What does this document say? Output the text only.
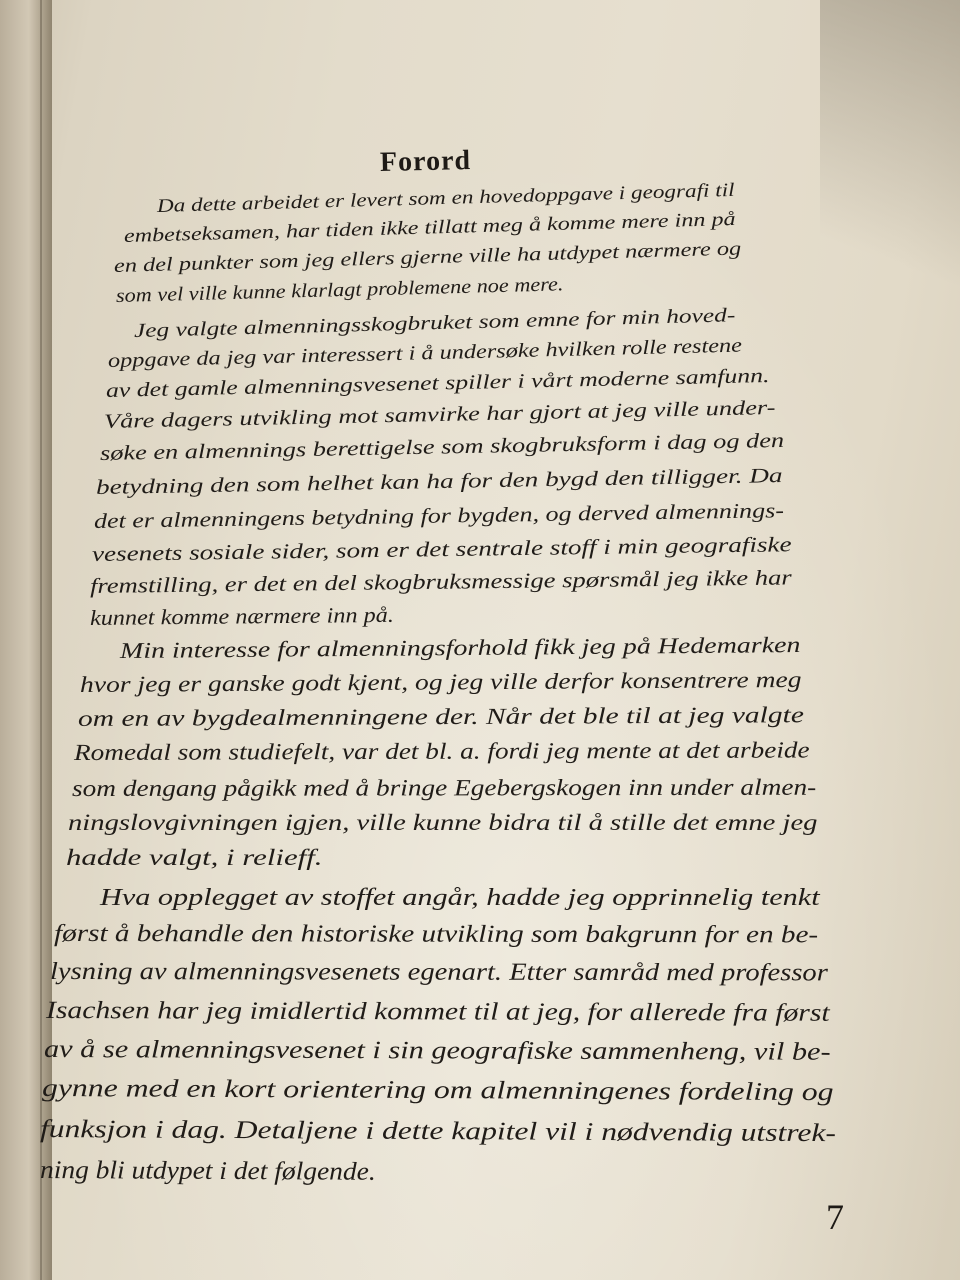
Forord
Da dette arbeidet er levert som en hovedoppgave i geografi til
embetseksamen, har tiden ikke tillatt meg å komme mere inn på
en del punkter som jeg ellers gjerne ville ha utdypet nærmere og
som vel ville kunne klarlagt problemene noe mere.
Jeg valgte almenningsskogbruket som emne for min hoved-
oppgave da jeg var interessert i å undersøke hvilken rolle restene
av det gamle almenningsvesenet spiller i vårt moderne samfunn.
Våre dagers utvikling mot samvirke har gjort at jeg ville under-
søke en almennings berettigelse som skogbruksform i dag og den
betydning den som helhet kan ha for den bygd den tilligger. Da
det er almenningens betydning for bygden, og derved almennings-
vesenets sosiale sider, som er det sentrale stoff i min geografiske
fremstilling, er det en del skogbruksmessige spørsmål jeg ikke har
kunnet komme nærmere inn på.
Min interesse for almenningsforhold fikk jeg på Hedemarken
hvor jeg er ganske godt kjent, og jeg ville derfor konsentrere meg
om en av bygdealmenningene der. Når det ble til at jeg valgte
Romedal som studiefelt, var det bl. a. fordi jeg mente at det arbeide
som dengang pågikk med å bringe Egebergskogen inn under almen-
ningslovgivningen igjen, ville kunne bidra til å stille det emne jeg
hadde valgt, i relieff.
Hva opplegget av stoffet angår, hadde jeg opprinnelig tenkt
først å behandle den historiske utvikling som bakgrunn for en be-
lysning av almenningsvesenets egenart. Etter samråd med professor
Isachsen har jeg imidlertid kommet til at jeg, for allerede fra først
av å se almenningsvesenet i sin geografiske sammenheng, vil be-
gynne med en kort orientering om almenningenes fordeling og
funksjon i dag. Detaljene i dette kapitel vil i nødvendig utstrek-
ning bli utdypet i det følgende.
7
